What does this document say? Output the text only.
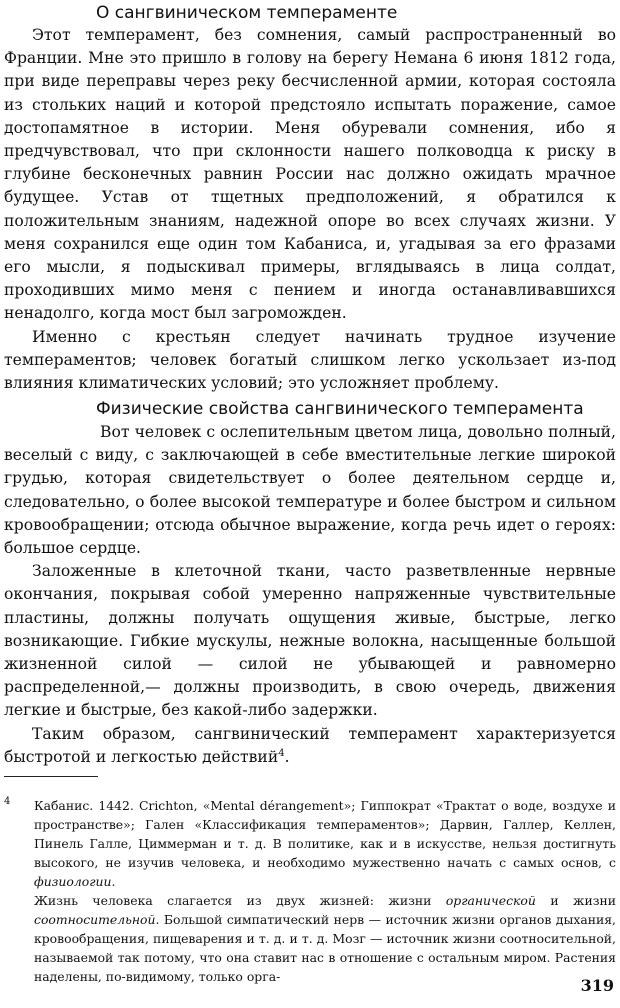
О сангвиническом темпераменте

Этот темперамент, без сомнения, самый распространенный во Франции. Мне это пришло в голову на берегу Немана 6 июня 1812 года, при виде переправы через реку бесчисленной армии, которая состояла из стольких наций и которой предстояло испытать поражение, самое достопамятное в истории. Меня обуревали сомнения, ибо я предчувствовал, что при склонности нашего полководца к риску в глубине бесконечных равнин России нас должно ожидать мрачное будущее. Устав от тщетных предположений, я обратился к положительным знаниям, надежной опоре во всех случаях жизни. У меня сохранился еще один том Кабаниса, и, угадывая за его фразами его мысли, я подыскивал примеры, вглядываясь в лица солдат, проходивших мимо меня с пением и иногда останавливавшихся ненадолго, когда мост был загроможден.

Именно с крестьян следует начинать трудное изучение темпераментов; человек богатый слишком легко ускользает из-под влияния климатических условий; это усложняет проблему.

Физические свойства сангвинического темперамента

Вот человек с ослепительным цветом лица, довольно полный, веселый с виду, с заключающей в себе вместительные легкие широкой грудью, которая свидетельствует о более деятельном сердце и, следовательно, о более высокой температуре и более быстром и сильном кровообращении; отсюда обычное выражение, когда речь идет о героях: большое сердце.

Заложенные в клеточной ткани, часто разветвленные нервные окончания, покрывая собой умеренно напряженные чувствительные пластины, должны получать ощущения живые, быстрые, легко возникающие. Гибкие мускулы, нежные волокна, насыщенные большой жизненной силой — силой не убывающей и равномерно распределенной,— должны производить, в свою очередь, движения легкие и быстрые, без какой-либо задержки.

Таким образом, сангвинический темперамент характеризуется быстротой и легкостью действий$^4$.

4 Кабанис. 1442. Crichton, «Mental dérangement»; Гиппократ «Трактат о воде, воздухе и пространстве»; Гален «Классификация темпераментов»; Дарвин, Галлер, Келлен, Пинель Галле, Циммерман и т. д. В политике, как и в искусстве, нельзя достигнуть высокого, не изучив человека, и необходимо мужественно начать с самых основ, с физиологии.

Жизнь человека слагается из двух жизней: жизни органической и жизни соотносительной. Большой симпатический нерв — источник жизни органов дыхания, кровообращения, пищеварения и т. д. и т. д. Мозг — источник жизни соотносительной, называемой так потому, что она ставит нас в отношение с остальным миром. Растения наделены, по-видимому, только орга-	319
